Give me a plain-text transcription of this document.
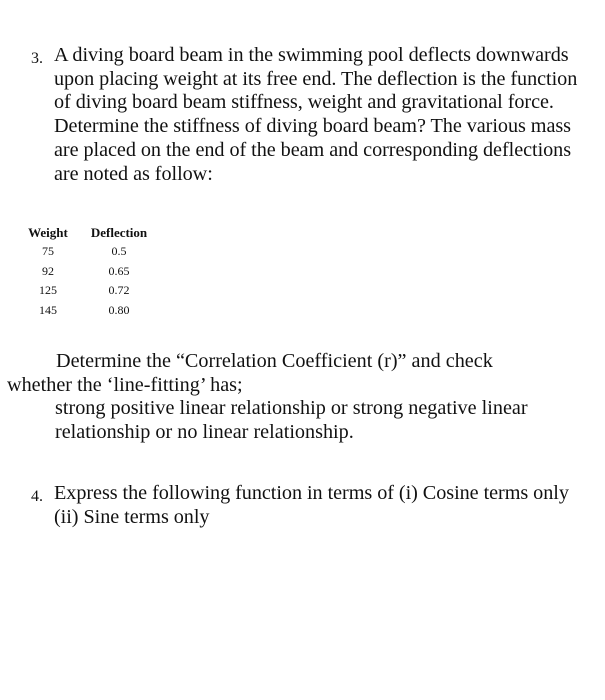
3. A diving board beam in the swimming pool deflects downwards upon placing weight at its free end. The deflection is the function of diving board beam stiffness, weight and gravitational force. Determine the stiffness of diving board beam? The various mass are placed on the end of the beam and corresponding deflections are noted as follow:
Weight		Deflection
75		0.5
92		0.65
125		0.72
145		0.80
Determine the “Correlation Coefficient (r)” and check
whether the ‘line-fitting’ has;
strong positive linear relationship or strong negative linear relationship or no linear relationship.
4. Express the following function in terms of (i) Cosine terms only (ii) Sine terms only
